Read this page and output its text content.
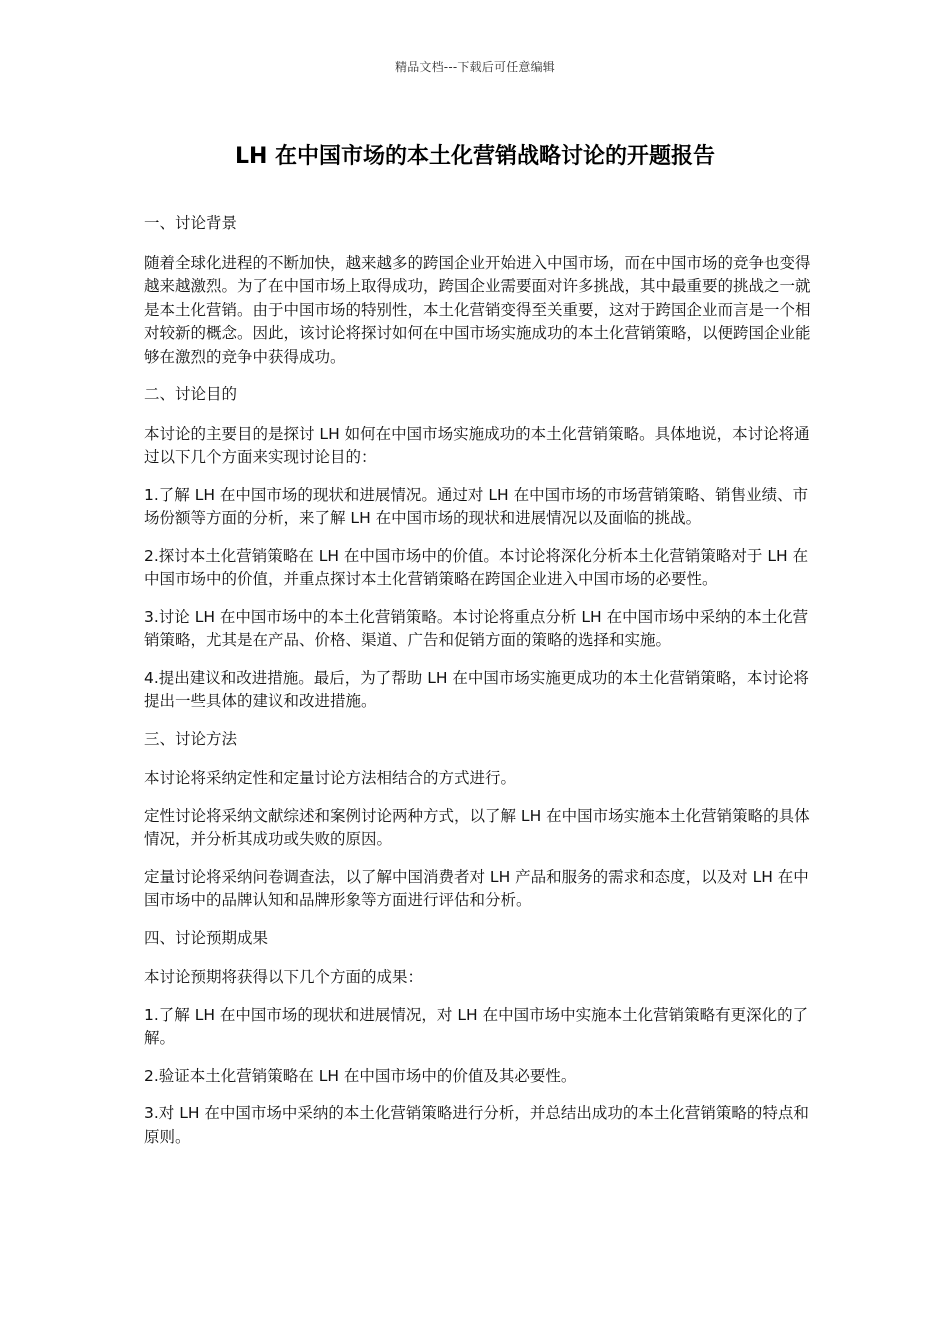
精品文档---下载后可任意编辑
LH 在中国市场的本土化营销战略讨论的开题报告

一、讨论背景

随着全球化进程的不断加快，越来越多的跨国企业开始进入中国市场，而在中国市场的竞争也变得越来越激烈。为了在中国市场上取得成功，跨国企业需要面对许多挑战，其中最重要的挑战之一就是本土化营销。由于中国市场的特别性，本土化营销变得至关重要，这对于跨国企业而言是一个相对较新的概念。因此，该讨论将探讨如何在中国市场实施成功的本土化营销策略，以便跨国企业能够在激烈的竞争中获得成功。

二、讨论目的

本讨论的主要目的是探讨 LH 如何在中国市场实施成功的本土化营销策略。具体地说，本讨论将通过以下几个方面来实现讨论目的：

1.了解 LH 在中国市场的现状和进展情况。通过对 LH 在中国市场的市场营销策略、销售业绩、市场份额等方面的分析，来了解 LH 在中国市场的现状和进展情况以及面临的挑战。

2.探讨本土化营销策略在 LH 在中国市场中的价值。本讨论将深化分析本土化营销策略对于 LH 在中国市场中的价值，并重点探讨本土化营销策略在跨国企业进入中国市场的必要性。

3.讨论 LH 在中国市场中的本土化营销策略。本讨论将重点分析 LH 在中国市场中采纳的本土化营销策略，尤其是在产品、价格、渠道、广告和促销方面的策略的选择和实施。

4.提出建议和改进措施。最后，为了帮助 LH 在中国市场实施更成功的本土化营销策略，本讨论将提出一些具体的建议和改进措施。

三、讨论方法

本讨论将采纳定性和定量讨论方法相结合的方式进行。

定性讨论将采纳文献综述和案例讨论两种方式，以了解 LH 在中国市场实施本土化营销策略的具体情况，并分析其成功或失败的原因。

定量讨论将采纳问卷调查法，以了解中国消费者对 LH 产品和服务的需求和态度，以及对 LH 在中国市场中的品牌认知和品牌形象等方面进行评估和分析。

四、讨论预期成果

本讨论预期将获得以下几个方面的成果：

1.了解 LH 在中国市场的现状和进展情况，对 LH 在中国市场中实施本土化营销策略有更深化的了解。

2.验证本土化营销策略在 LH 在中国市场中的价值及其必要性。

3.对 LH 在中国市场中采纳的本土化营销策略进行分析，并总结出成功的本土化营销策略的特点和原则。
